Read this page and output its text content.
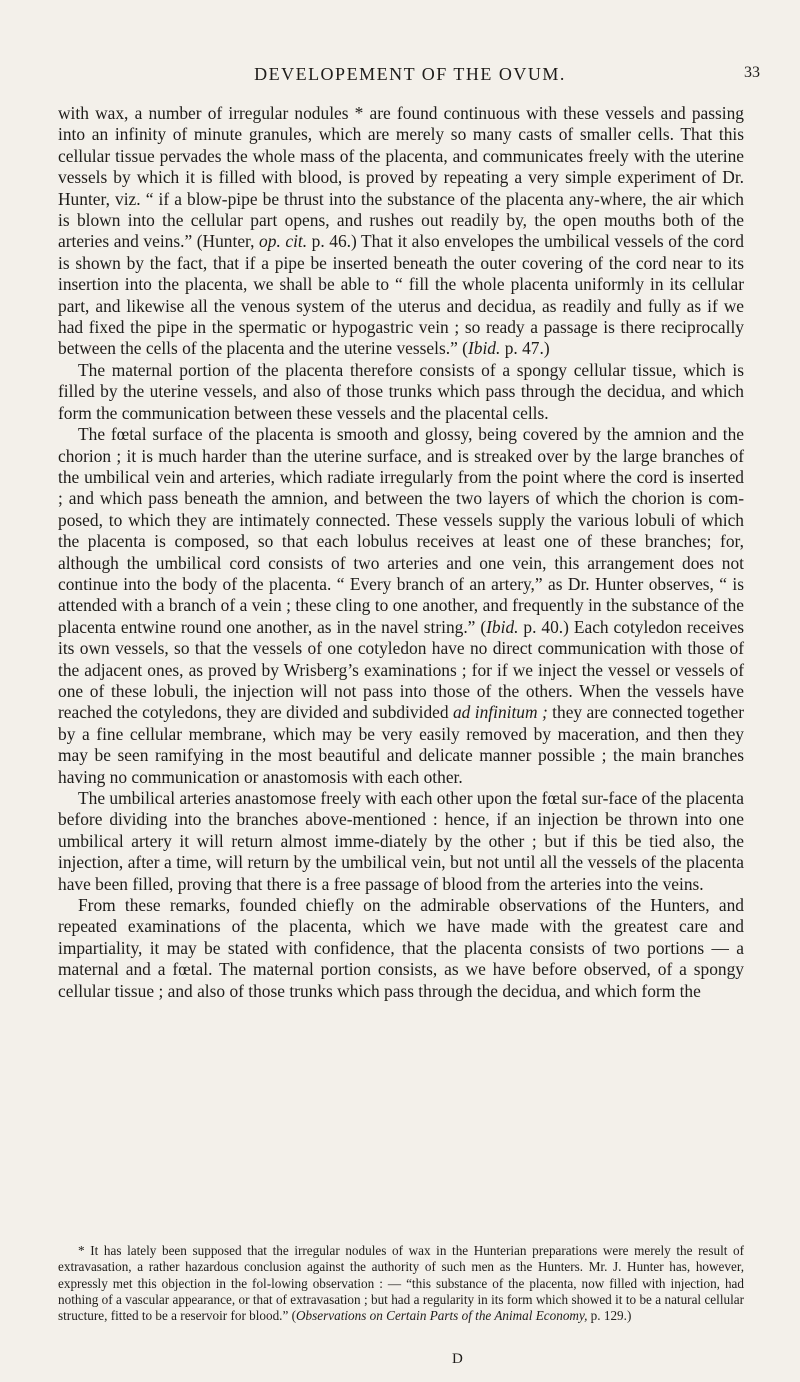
DEVELOPEMENT OF THE OVUM.	33

with wax, a number of irregular nodules * are found continuous with these vessels and passing into an infinity of minute granules, which are merely so many casts of smaller cells. That this cellular tissue pervades the whole mass of the placenta, and communicates freely with the uterine vessels by which it is filled with blood, is proved by repeating a very simple experiment of Dr. Hunter, viz. “ if a blow-pipe be thrust into the substance of the placenta any-where, the air which is blown into the cellular part opens, and rushes out readily by, the open mouths both of the arteries and veins.” (Hunter, op. cit. p. 46.) That it also envelopes the umbilical vessels of the cord is shown by the fact, that if a pipe be inserted beneath the outer covering of the cord near to its insertion into the placenta, we shall be able to “ fill the whole placenta uniformly in its cellular part, and likewise all the venous system of the uterus and decidua, as readily and fully as if we had fixed the pipe in the spermatic or hypogastric vein ; so ready a passage is there reciprocally between the cells of the placenta and the uterine vessels.” (Ibid. p. 47.)

The maternal portion of the placenta therefore consists of a spongy cellular tissue, which is filled by the uterine vessels, and also of those trunks which pass through the decidua, and which form the communication between these vessels and the placental cells.

The fœtal surface of the placenta is smooth and glossy, being covered by the amnion and the chorion ; it is much harder than the uterine surface, and is streaked over by the large branches of the umbilical vein and arteries, which radiate irregularly from the point where the cord is inserted ; and which pass beneath the amnion, and between the two layers of which the chorion is com-posed, to which they are intimately connected. These vessels supply the various lobuli of which the placenta is composed, so that each lobulus receives at least one of these branches; for, although the umbilical cord consists of two arteries and one vein, this arrangement does not continue into the body of the placenta. “ Every branch of an artery,” as Dr. Hunter observes, “ is attended with a branch of a vein ; these cling to one another, and frequently in the substance of the placenta entwine round one another, as in the navel string.” (Ibid. p. 40.) Each cotyledon receives its own vessels, so that the vessels of one cotyledon have no direct communication with those of the adjacent ones, as proved by Wrisberg’s examinations ; for if we inject the vessel or vessels of one of these lobuli, the injection will not pass into those of the others. When the vessels have reached the cotyledons, they are divided and subdivided ad infinitum ; they are connected together by a fine cellular membrane, which may be very easily removed by maceration, and then they may be seen ramifying in the most beautiful and delicate manner possible ; the main branches having no communication or anastomosis with each other.

The umbilical arteries anastomose freely with each other upon the fœtal sur-face of the placenta before dividing into the branches above-mentioned : hence, if an injection be thrown into one umbilical artery it will return almost imme-diately by the other ; but if this be tied also, the injection, after a time, will return by the umbilical vein, but not until all the vessels of the placenta have been filled, proving that there is a free passage of blood from the arteries into the veins.

From these remarks, founded chiefly on the admirable observations of the Hunters, and repeated examinations of the placenta, which we have made with the greatest care and impartiality, it may be stated with confidence, that the placenta consists of two portions — a maternal and a fœtal. The maternal portion consists, as we have before observed, of a spongy cellular tissue ; and also of those trunks which pass through the decidua, and which form the

* It has lately been supposed that the irregular nodules of wax in the Hunterian preparations were merely the result of extravasation, a rather hazardous conclusion against the authority of such men as the Hunters. Mr. J. Hunter has, however, expressly met this objection in the fol-lowing observation : — “this substance of the placenta, now filled with injection, had nothing of a vascular appearance, or that of extravasation ; but had a regularity in its form which showed it to be a natural cellular structure, fitted to be a reservoir for blood.” (Observations on Certain Parts of the Animal Economy, p. 129.)
D
